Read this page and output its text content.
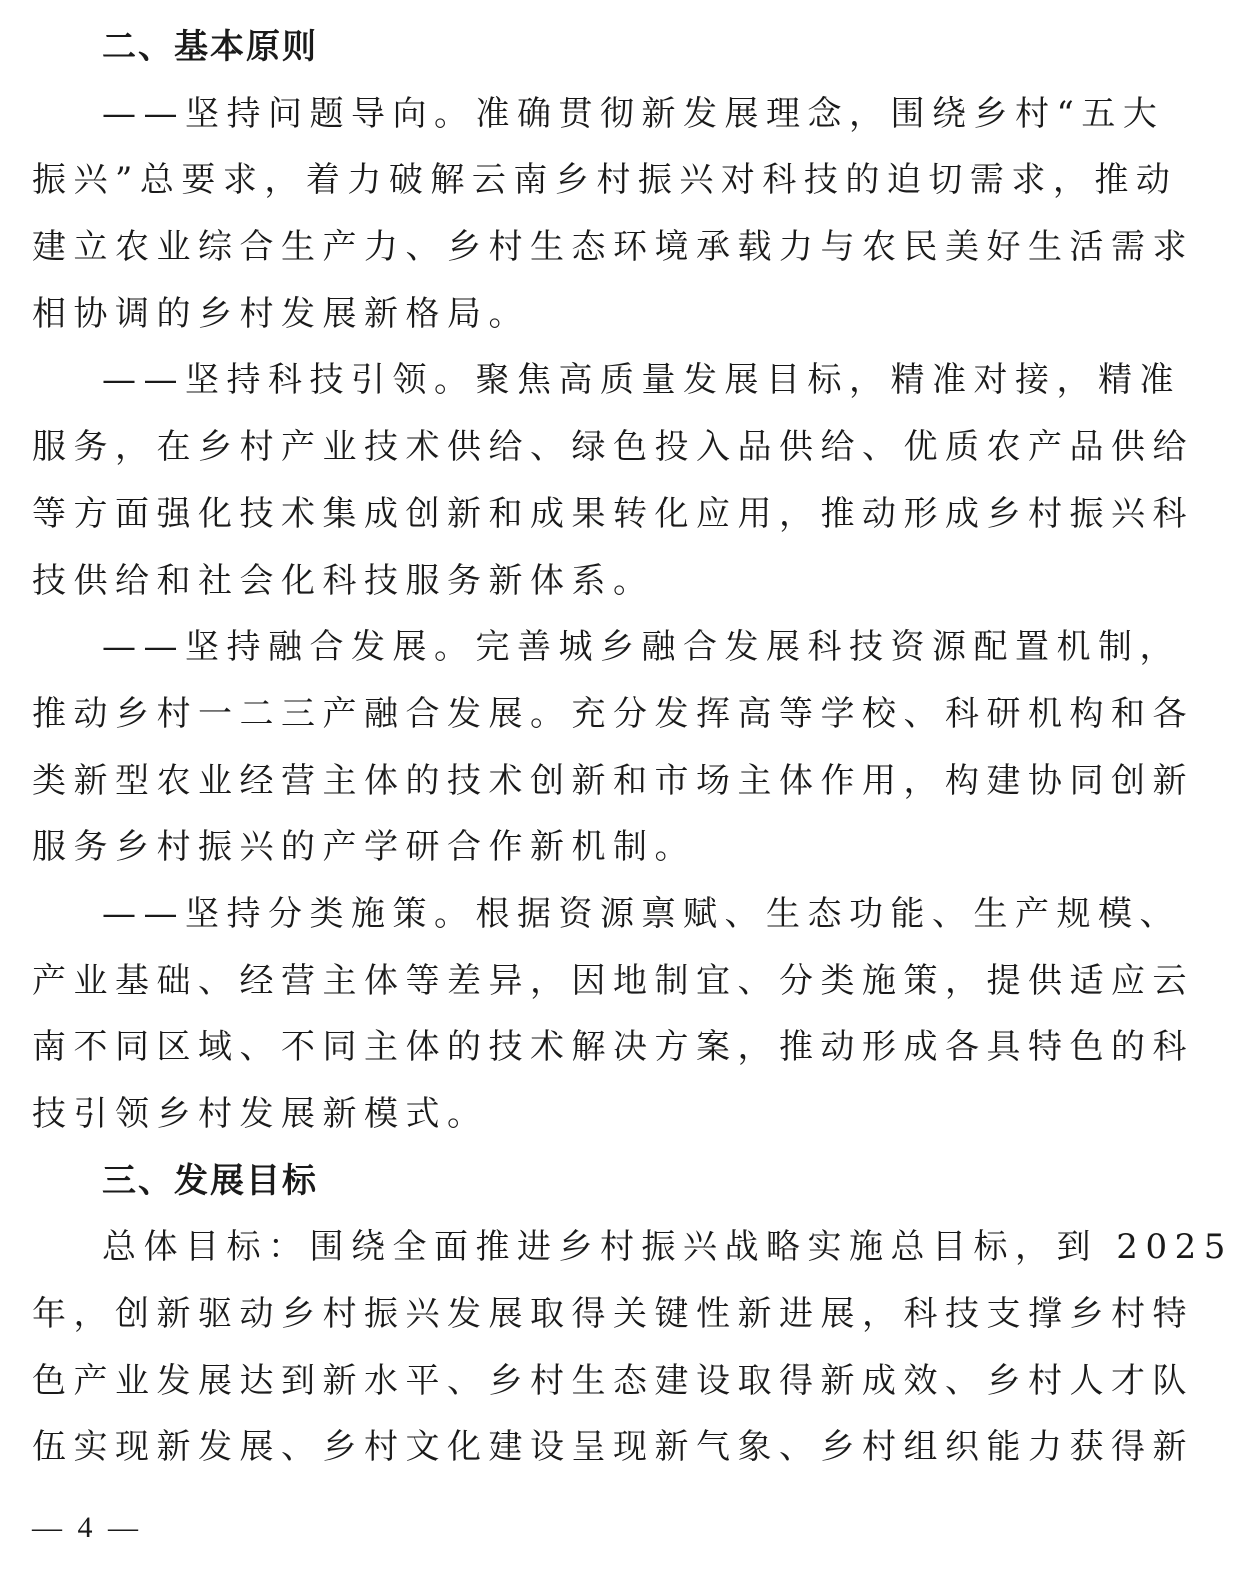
二、基本原则
——坚持问题导向。准确贯彻新发展理念，围绕乡村“五大
振兴”总要求，着力破解云南乡村振兴对科技的迫切需求，推动
建立农业综合生产力、乡村生态环境承载力与农民美好生活需求
相协调的乡村发展新格局。
——坚持科技引领。聚焦高质量发展目标，精准对接，精准
服务，在乡村产业技术供给、绿色投入品供给、优质农产品供给
等方面强化技术集成创新和成果转化应用，推动形成乡村振兴科
技供给和社会化科技服务新体系。
——坚持融合发展。完善城乡融合发展科技资源配置机制，
推动乡村一二三产融合发展。充分发挥高等学校、科研机构和各
类新型农业经营主体的技术创新和市场主体作用，构建协同创新
服务乡村振兴的产学研合作新机制。
——坚持分类施策。根据资源禀赋、生态功能、生产规模、
产业基础、经营主体等差异，因地制宜、分类施策，提供适应云
南不同区域、不同主体的技术解决方案，推动形成各具特色的科
技引领乡村发展新模式。
三、发展目标
总体目标：围绕全面推进乡村振兴战略实施总目标，到 2025
年，创新驱动乡村振兴发展取得关键性新进展，科技支撑乡村特
色产业发展达到新水平、乡村生态建设取得新成效、乡村人才队
伍实现新发展、乡村文化建设呈现新气象、乡村组织能力获得新
— 4 —
